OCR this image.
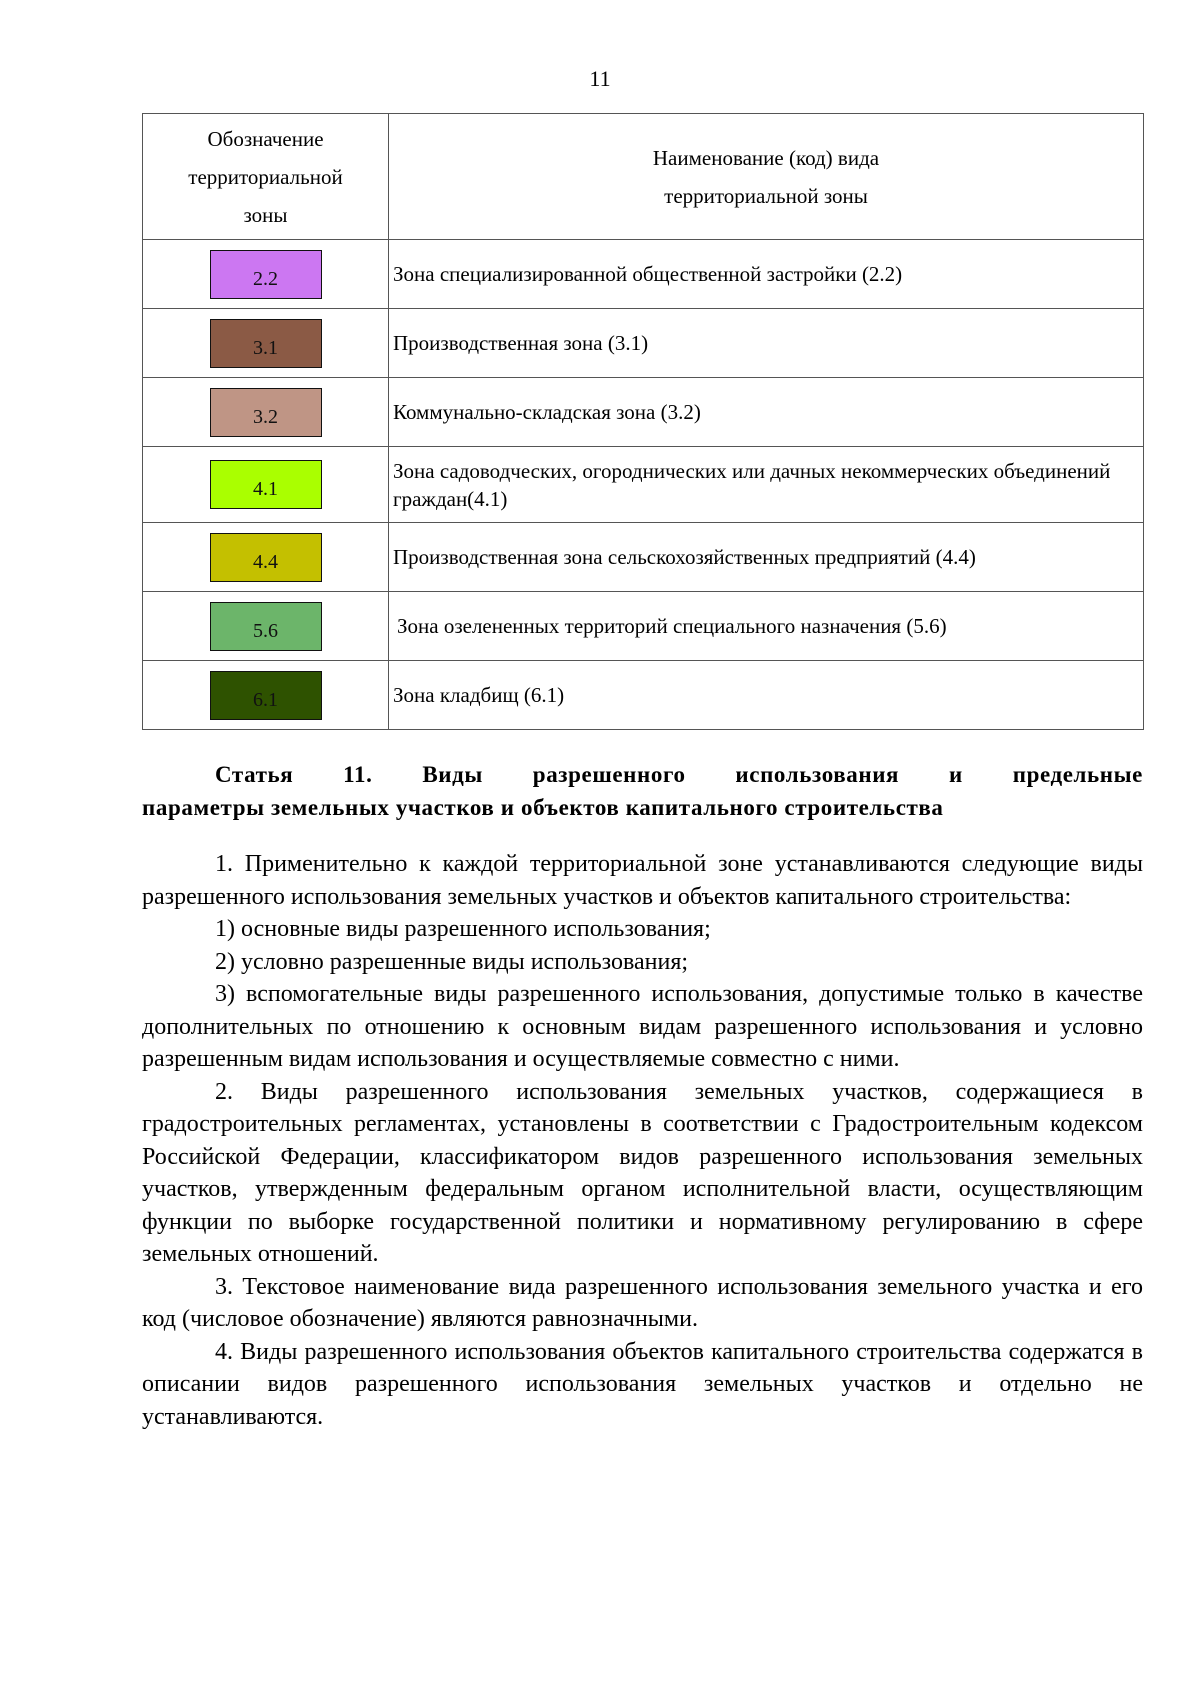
11
Обозначение территориальной зоны	Наименование (код) вида территориальной зоны

2.2	Зона специализированной общественной застройки (2.2)
3.1	Производственная зона (3.1)
3.2	Коммунально-складская зона (3.2)
4.1	Зона садоводческих, огороднических или дачных некоммерческих объединений граждан(4.1)
4.4	Производственная зона сельскохозяйственных предприятий (4.4)
5.6	Зона озелененных территорий специального назначения (5.6)
6.1	Зона кладбищ (6.1)
Статья 11. Виды разрешенного использования и предельные
параметры земельных участков и объектов капитального строительства

1. Применительно к каждой территориальной зоне устанавливаются следующие виды разрешенного использования земельных участков и объектов капитального строительства:

1) основные виды разрешенного использования;

2) условно разрешенные виды использования;

3) вспомогательные виды разрешенного использования, допустимые только в качестве дополнительных по отношению к основным видам разрешенного использования и условно разрешенным видам использования и осуществляемые совместно с ними.

2. Виды разрешенного использования земельных участков, содержащиеся в градостроительных регламентах, установлены в соответствии с Градостроительным кодексом Российской Федерации, классификатором видов разрешенного использования земельных участков, утвержденным федеральным органом исполнительной власти, осуществляющим функции по выборке государственной политики и нормативному регулированию в сфере земельных отношений.

3. Текстовое наименование вида разрешенного использования земельного участка и его код (числовое обозначение) являются равнозначными.

4. Виды разрешенного использования объектов капитального строительства содержатся в описании видов разрешенного использования земельных участков и отдельно не устанавливаются.
